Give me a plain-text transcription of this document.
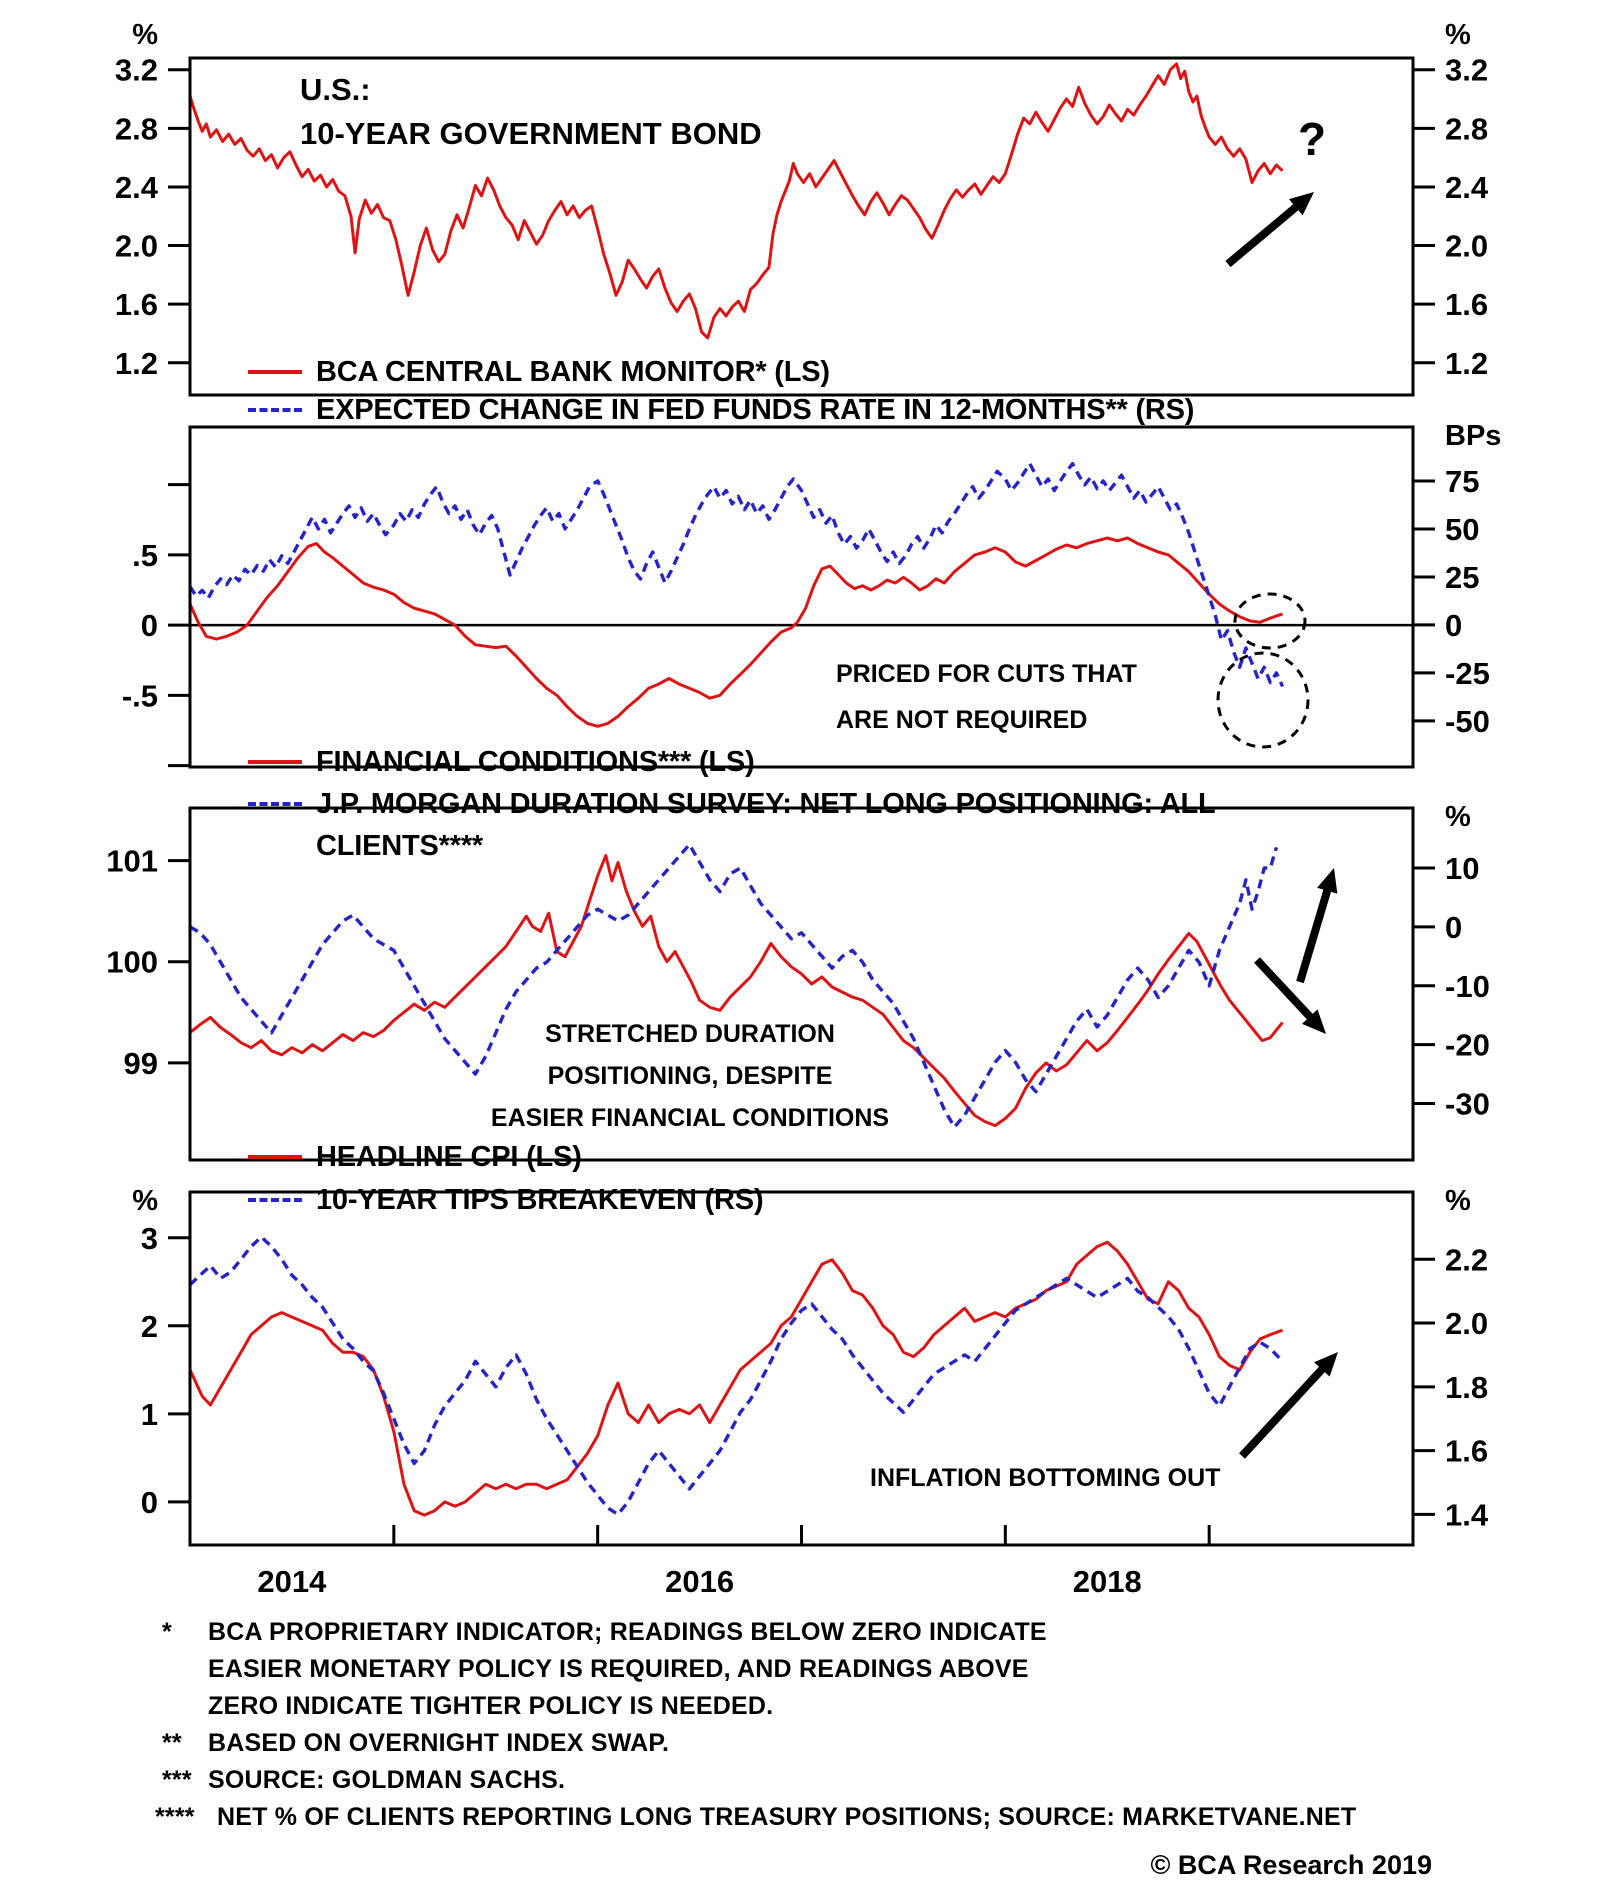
3.2
2.8
2.4
2.0
1.6
1.2
%
3.2
2.8
2.4
2.0
1.6
1.2
%
.5
0
-.5
75
50
25
0
-25
-50
BPs
101
100
99
10
0
-10
-20
-30
%
3
2
1
0
%
2.2
2.0
1.8
1.6
1.4
%
2014	2016	2018
U.S.:
10-YEAR GOVERNMENT BOND
BCA CENTRAL BANK MONITOR* (LS)
EXPECTED CHANGE IN FED FUNDS RATE IN 12-MONTHS** (RS)
FINANCIAL CONDITIONS*** (LS)
J.P. MORGAN DURATION SURVEY: NET LONG POSITIONING: ALL
CLIENTS****
HEADLINE CPI (LS)
10-YEAR TIPS BREAKEVEN (RS)
?
PRICED FOR CUTS THAT
ARE NOT REQUIRED
STRETCHED DURATION
POSITIONING, DESPITE
EASIER FINANCIAL CONDITIONS
INFLATION BOTTOMING OUT
*	BCA PROPRIETARY INDICATOR; READINGS BELOW ZERO INDICATE
EASIER MONETARY POLICY IS REQUIRED, AND READINGS ABOVE
ZERO INDICATE TIGHTER POLICY IS NEEDED.
**	BASED ON OVERNIGHT INDEX SWAP.
*** SOURCE: GOLDMAN SACHS.
**** NET % OF CLIENTS REPORTING LONG TREASURY POSITIONS; SOURCE: MARKETVANE.NET
© BCA Research 2019
